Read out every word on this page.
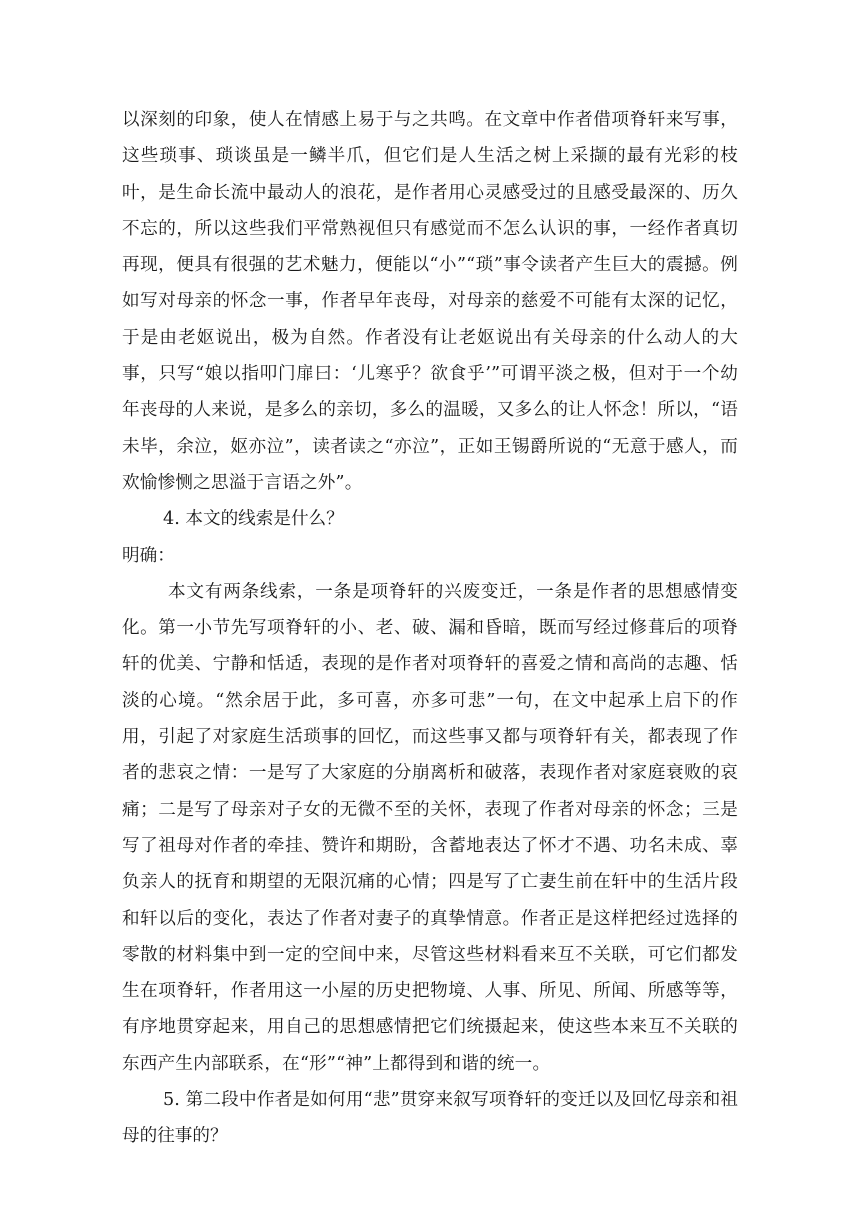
以深刻的印象，使人在情感上易于与之共鸣。在文章中作者借项脊轩来写事，这些琐事、琐谈虽是一鳞半爪，但它们是人生活之树上采撷的最有光彩的枝叶，是生命长流中最动人的浪花，是作者用心灵感受过的且感受最深的、历久不忘的，所以这些我们平常熟视但只有感觉而不怎么认识的事，一经作者真切再现，便具有很强的艺术魅力，便能以“小”“琐”事令读者产生巨大的震撼。例如写对母亲的怀念一事，作者早年丧母，对母亲的慈爱不可能有太深的记忆，于是由老妪说出，极为自然。作者没有让老妪说出有关母亲的什么动人的大事，只写“娘以指叩门扉曰：‘儿寒乎？欲食乎’”可谓平淡之极，但对于一个幼年丧母的人来说，是多么的亲切，多么的温暖，又多么的让人怀念！所以，“语未毕，余泣，妪亦泣”，读者读之“亦泣”，正如王锡爵所说的“无意于感人，而欢愉惨恻之思溢于言语之外”。

4. 本文的线索是什么？

明确：

本文有两条线索，一条是项脊轩的兴废变迁，一条是作者的思想感情变化。第一小节先写项脊轩的小、老、破、漏和昏暗，既而写经过修葺后的项脊轩的优美、宁静和恬适，表现的是作者对项脊轩的喜爱之情和高尚的志趣、恬淡的心境。“然余居于此，多可喜，亦多可悲”一句，在文中起承上启下的作用，引起了对家庭生活琐事的回忆，而这些事又都与项脊轩有关，都表现了作者的悲哀之情：一是写了大家庭的分崩离析和破落，表现作者对家庭衰败的哀痛；二是写了母亲对子女的无微不至的关怀，表现了作者对母亲的怀念；三是写了祖母对作者的牵挂、赞许和期盼，含蓄地表达了怀才不遇、功名未成、辜负亲人的抚育和期望的无限沉痛的心情；四是写了亡妻生前在轩中的生活片段和轩以后的变化，表达了作者对妻子的真挚情意。作者正是这样把经过选择的零散的材料集中到一定的空间中来，尽管这些材料看来互不关联，可它们都发生在项脊轩，作者用这一小屋的历史把物境、人事、所见、所闻、所感等等，有序地贯穿起来，用自己的思想感情把它们统摄起来，使这些本来互不关联的东西产生内部联系，在“形”“神”上都得到和谐的统一。

5. 第二段中作者是如何用“悲”贯穿来叙写项脊轩的变迁以及回忆母亲和祖母的往事的？
